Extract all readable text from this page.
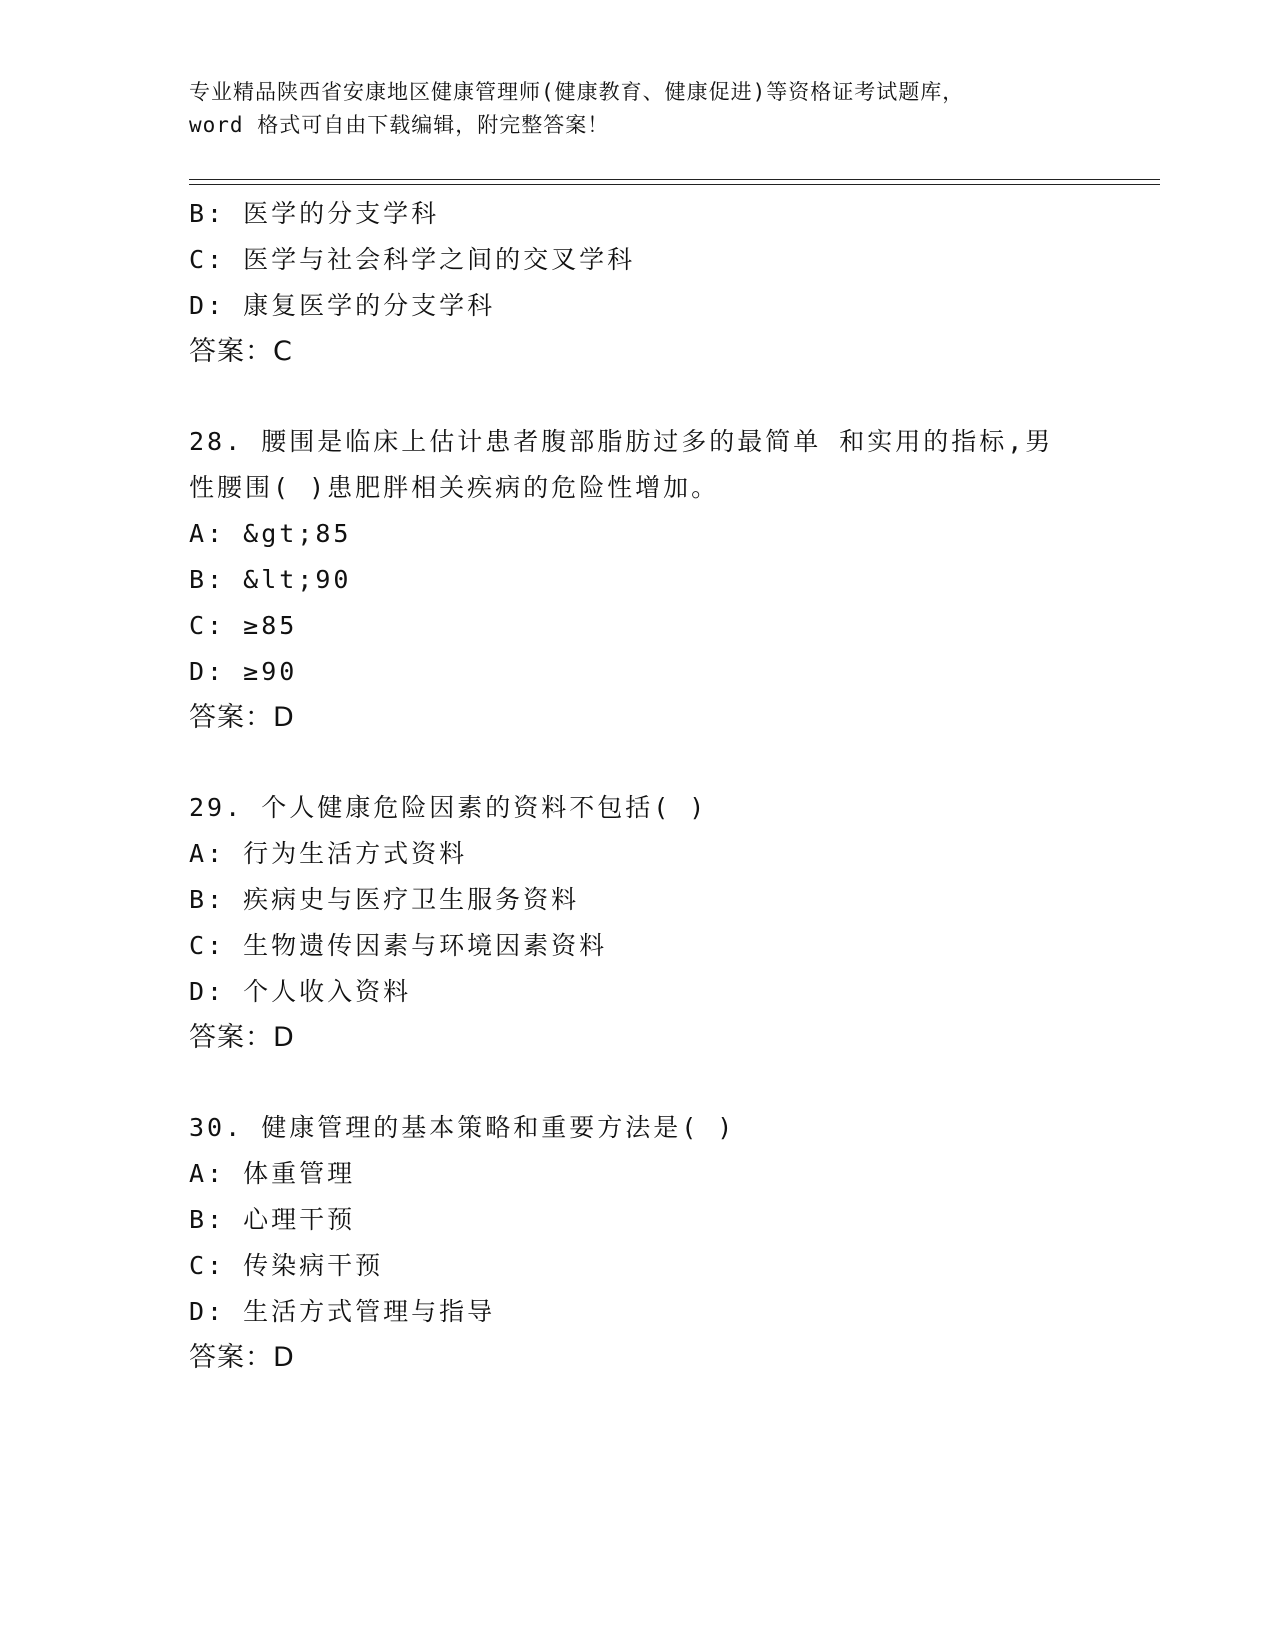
专业精品陕西省安康地区健康管理师(健康教育、健康促进)等资格证考试题库，
word 格式可自由下载编辑，附完整答案！
B: 医学的分支学科
C: 医学与社会科学之间的交叉学科
D: 康复医学的分支学科
答案：C
28. 腰围是临床上估计患者腹部脂肪过多的最简单 和实用的指标,男
性腰围( )患肥胖相关疾病的危险性增加。
A: &gt;85
B: &lt;90
C: ≥85
D: ≥90
答案：D
29. 个人健康危险因素的资料不包括( )
A: 行为生活方式资料
B: 疾病史与医疗卫生服务资料
C: 生物遗传因素与环境因素资料
D: 个人收入资料
答案：D
30. 健康管理的基本策略和重要方法是( )
A: 体重管理
B: 心理干预
C: 传染病干预
D: 生活方式管理与指导
答案：D
